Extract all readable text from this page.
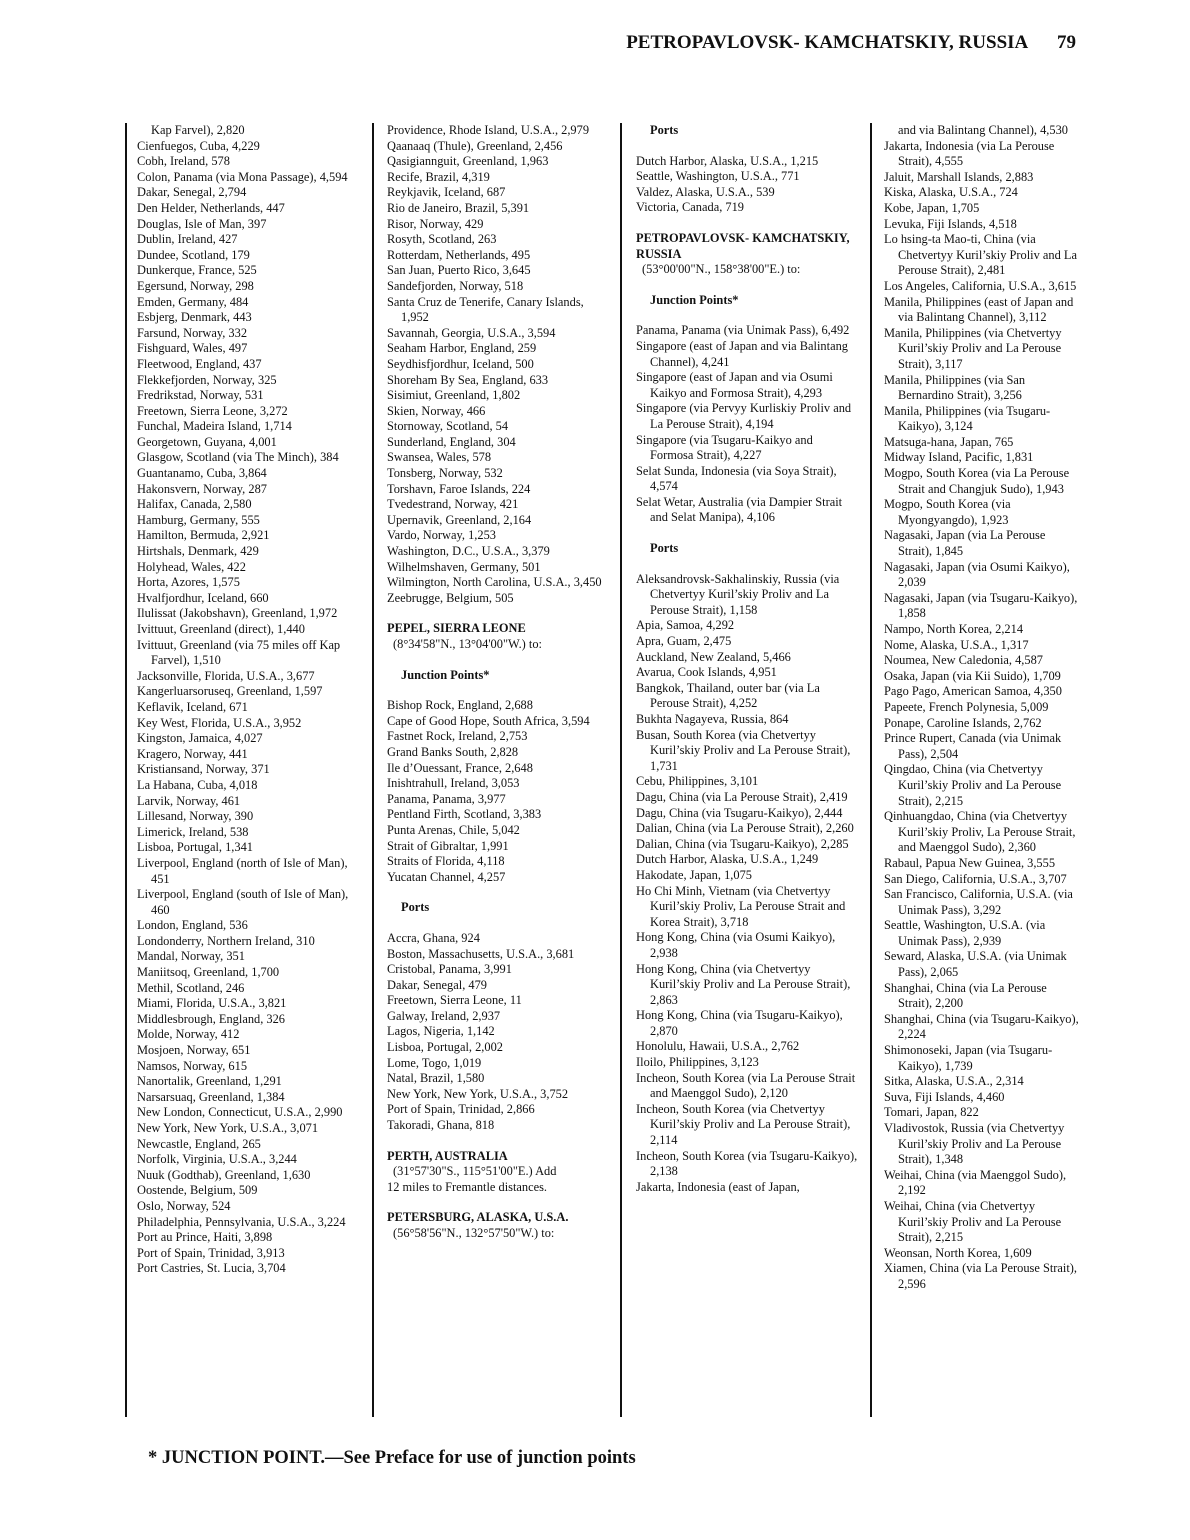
PETROPAVLOVSK- KAMCHATSKIY, RUSSIA 79
Kap Farvel), 2,820
Cienfuegos, Cuba, 4,229
Cobh, Ireland, 578
Colon, Panama (via Mona Passage), 4,594
Dakar, Senegal, 2,794
Den Helder, Netherlands, 447
Douglas, Isle of Man, 397
Dublin, Ireland, 427
Dundee, Scotland, 179
Dunkerque, France, 525
Egersund, Norway, 298
Emden, Germany, 484
Esbjerg, Denmark, 443
Farsund, Norway, 332
Fishguard, Wales, 497
Fleetwood, England, 437
Flekkefjorden, Norway, 325
Fredrikstad, Norway, 531
Freetown, Sierra Leone, 3,272
Funchal, Madeira Island, 1,714
Georgetown, Guyana, 4,001
Glasgow, Scotland (via The Minch), 384
Guantanamo, Cuba, 3,864
Hakonsvern, Norway, 287
Halifax, Canada, 2,580
Hamburg, Germany, 555
Hamilton, Bermuda, 2,921
Hirtshals, Denmark, 429
Holyhead, Wales, 422
Horta, Azores, 1,575
Hvalfjordhur, Iceland, 660
Ilulissat (Jakobshavn), Greenland, 1,972
Ivittuut, Greenland (direct), 1,440
Ivittuut, Greenland (via 75 miles off Kap Farvel), 1,510
Jacksonville, Florida, U.S.A., 3,677
Kangerluarsoruseq, Greenland, 1,597
Keflavik, Iceland, 671
Key West, Florida, U.S.A., 3,952
Kingston, Jamaica, 4,027
Kragero, Norway, 441
Kristiansand, Norway, 371
La Habana, Cuba, 4,018
Larvik, Norway, 461
Lillesand, Norway, 390
Limerick, Ireland, 538
Lisboa, Portugal, 1,341
Liverpool, England (north of Isle of Man), 451
Liverpool, England (south of Isle of Man), 460
London, England, 536
Londonderry, Northern Ireland, 310
Mandal, Norway, 351
Maniitsoq, Greenland, 1,700
Methil, Scotland, 246
Miami, Florida, U.S.A., 3,821
Middlesbrough, England, 326
Molde, Norway, 412
Mosjoen, Norway, 651
Namsos, Norway, 615
Nanortalik, Greenland, 1,291
Narsarsuaq, Greenland, 1,384
New London, Connecticut, U.S.A., 2,990
New York, New York, U.S.A., 3,071
Newcastle, England, 265
Norfolk, Virginia, U.S.A., 3,244
Nuuk (Godthab), Greenland, 1,630
Oostende, Belgium, 509
Oslo, Norway, 524
Philadelphia, Pennsylvania, U.S.A., 3,224
Port au Prince, Haiti, 3,898
Port of Spain, Trinidad, 3,913
Port Castries, St. Lucia, 3,704
Providence, Rhode Island, U.S.A., 2,979
Qaanaaq (Thule), Greenland, 2,456
Qasigiannguit, Greenland, 1,963
Recife, Brazil, 4,319
Reykjavik, Iceland, 687
Rio de Janeiro, Brazil, 5,391
Risor, Norway, 429
Rosyth, Scotland, 263
Rotterdam, Netherlands, 495
San Juan, Puerto Rico, 3,645
Sandefjorden, Norway, 518
Santa Cruz de Tenerife, Canary Islands, 1,952
Savannah, Georgia, U.S.A., 3,594
Seaham Harbor, England, 259
Seydhisfjordhur, Iceland, 500
Shoreham By Sea, England, 633
Sisimiut, Greenland, 1,802
Skien, Norway, 466
Stornoway, Scotland, 54
Sunderland, England, 304
Swansea, Wales, 578
Tonsberg, Norway, 532
Torshavn, Faroe Islands, 224
Tvedestrand, Norway, 421
Upernavik, Greenland, 2,164
Vardo, Norway, 1,253
Washington, D.C., U.S.A., 3,379
Wilhelmshaven, Germany, 501
Wilmington, North Carolina, U.S.A., 3,450
Zeebrugge, Belgium, 505
PEPEL, SIERRA LEONE
(8°34'58"N., 13°04'00"W.) to:
Junction Points*
Bishop Rock, England, 2,688
Cape of Good Hope, South Africa, 3,594
Fastnet Rock, Ireland, 2,753
Grand Banks South, 2,828
Ile d’Ouessant, France, 2,648
Inishtrahull, Ireland, 3,053
Panama, Panama, 3,977
Pentland Firth, Scotland, 3,383
Punta Arenas, Chile, 5,042
Strait of Gibraltar, 1,991
Straits of Florida, 4,118
Yucatan Channel, 4,257
Ports
Accra, Ghana, 924
Boston, Massachusetts, U.S.A., 3,681
Cristobal, Panama, 3,991
Dakar, Senegal, 479
Freetown, Sierra Leone, 11
Galway, Ireland, 2,937
Lagos, Nigeria, 1,142
Lisboa, Portugal, 2,002
Lome, Togo, 1,019
Natal, Brazil, 1,580
New York, New York, U.S.A., 3,752
Port of Spain, Trinidad, 2,866
Takoradi, Ghana, 818
PERTH, AUSTRALIA
(31°57'30"S., 115°51'00"E.) Add
12 miles to Fremantle distances.
PETERSBURG, ALASKA, U.S.A.
(56°58'56"N., 132°57'50"W.) to:
Ports
Dutch Harbor, Alaska, U.S.A., 1,215
Seattle, Washington, U.S.A., 771
Valdez, Alaska, U.S.A., 539
Victoria, Canada, 719
PETROPAVLOVSK- KAMCHATSKIY, RUSSIA
(53°00'00"N., 158°38'00"E.) to:
Junction Points*
Panama, Panama (via Unimak Pass), 6,492
Singapore (east of Japan and via Balintang Channel), 4,241
Singapore (east of Japan and via Osumi Kaikyo and Formosa Strait), 4,293
Singapore (via Pervyy Kurliskiy Proliv and La Perouse Strait), 4,194
Singapore (via Tsugaru-Kaikyo and Formosa Strait), 4,227
Selat Sunda, Indonesia (via Soya Strait), 4,574
Selat Wetar, Australia (via Dampier Strait and Selat Manipa), 4,106
Ports
Aleksandrovsk-Sakhalinskiy, Russia (via Chetvertyy Kuril’skiy Proliv and La Perouse Strait), 1,158
Apia, Samoa, 4,292
Apra, Guam, 2,475
Auckland, New Zealand, 5,466
Avarua, Cook Islands, 4,951
Bangkok, Thailand, outer bar (via La Perouse Strait), 4,252
Bukhta Nagayeva, Russia, 864
Busan, South Korea (via Chetvertyy Kuril’skiy Proliv and La Perouse Strait), 1,731
Cebu, Philippines, 3,101
Dagu, China (via La Perouse Strait), 2,419
Dagu, China (via Tsugaru-Kaikyo), 2,444
Dalian, China (via La Perouse Strait), 2,260
Dalian, China (via Tsugaru-Kaikyo), 2,285
Dutch Harbor, Alaska, U.S.A., 1,249
Hakodate, Japan, 1,075
Ho Chi Minh, Vietnam (via Chetvertyy Kuril’skiy Proliv, La Perouse Strait and Korea Strait), 3,718
Hong Kong, China (via Osumi Kaikyo), 2,938
Hong Kong, China (via Chetvertyy Kuril’skiy Proliv and La Perouse Strait), 2,863
Hong Kong, China (via Tsugaru-Kaikyo), 2,870
Honolulu, Hawaii, U.S.A., 2,762
Iloilo, Philippines, 3,123
Incheon, South Korea (via La Perouse Strait and Maenggol Sudo), 2,120
Incheon, South Korea (via Chetvertyy Kuril’skiy Proliv and La Perouse Strait), 2,114
Incheon, South Korea (via Tsugaru-Kaikyo), 2,138
Jakarta, Indonesia (east of Japan,
and via Balintang Channel), 4,530
Jakarta, Indonesia (via La Perouse Strait), 4,555
Jaluit, Marshall Islands, 2,883
Kiska, Alaska, U.S.A., 724
Kobe, Japan, 1,705
Levuka, Fiji Islands, 4,518
Lo hsing-ta Mao-ti, China (via Chetvertyy Kuril’skiy Proliv and La Perouse Strait), 2,481
Los Angeles, California, U.S.A., 3,615
Manila, Philippines (east of Japan and via Balintang Channel), 3,112
Manila, Philippines (via Chetvertyy Kuril’skiy Proliv and La Perouse Strait), 3,117
Manila, Philippines (via San Bernardino Strait), 3,256
Manila, Philippines (via Tsugaru-Kaikyo), 3,124
Matsuga-hana, Japan, 765
Midway Island, Pacific, 1,831
Mogpo, South Korea (via La Perouse Strait and Changjuk Sudo), 1,943
Mogpo, South Korea (via Myongyangdo), 1,923
Nagasaki, Japan (via La Perouse Strait), 1,845
Nagasaki, Japan (via Osumi Kaikyo), 2,039
Nagasaki, Japan (via Tsugaru-Kaikyo), 1,858
Nampo, North Korea, 2,214
Nome, Alaska, U.S.A., 1,317
Noumea, New Caledonia, 4,587
Osaka, Japan (via Kii Suido), 1,709
Pago Pago, American Samoa, 4,350
Papeete, French Polynesia, 5,009
Ponape, Caroline Islands, 2,762
Prince Rupert, Canada (via Unimak Pass), 2,504
Qingdao, China (via Chetvertyy Kuril’skiy Proliv and La Perouse Strait), 2,215
Qinhuangdao, China (via Chetvertyy Kuril’skiy Proliv, La Perouse Strait, and Maenggol Sudo), 2,360
Rabaul, Papua New Guinea, 3,555
San Diego, California, U.S.A., 3,707
San Francisco, California, U.S.A. (via Unimak Pass), 3,292
Seattle, Washington, U.S.A. (via Unimak Pass), 2,939
Seward, Alaska, U.S.A. (via Unimak Pass), 2,065
Shanghai, China (via La Perouse Strait), 2,200
Shanghai, China (via Tsugaru-Kaikyo), 2,224
Shimonoseki, Japan (via Tsugaru-Kaikyo), 1,739
Sitka, Alaska, U.S.A., 2,314
Suva, Fiji Islands, 4,460
Tomari, Japan, 822
Vladivostok, Russia (via Chetvertyy Kuril’skiy Proliv and La Perouse Strait), 1,348
Weihai, China (via Maenggol Sudo), 2,192
Weihai, China (via Chetvertyy Kuril’skiy Proliv and La Perouse Strait), 2,215
Weonsan, North Korea, 1,609
Xiamen, China (via La Perouse Strait), 2,596
* JUNCTION POINT.—See Preface for use of junction points
